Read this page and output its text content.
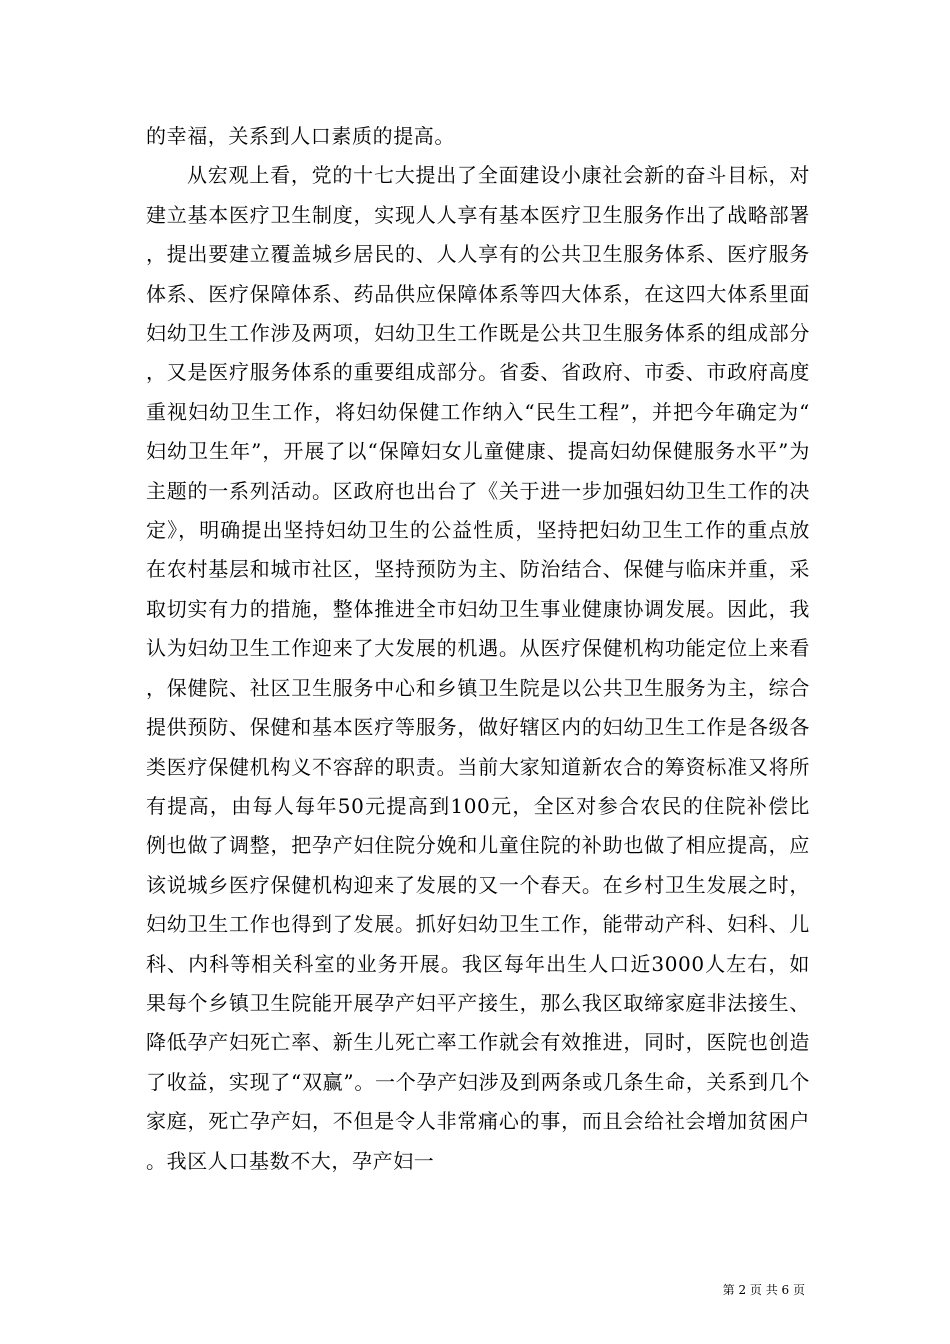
的幸福，关系到人口素质的提高。

从宏观上看，党的十七大提出了全面建设小康社会新的奋斗目标，对建立基本医疗卫生制度，实现人人享有基本医疗卫生服务作出了战略部署，提出要建立覆盖城乡居民的、人人享有的公共卫生服务体系、医疗服务体系、医疗保障体系、药品供应保障体系等四大体系，在这四大体系里面妇幼卫生工作涉及两项，妇幼卫生工作既是公共卫生服务体系的组成部分，又是医疗服务体系的重要组成部分。省委、省政府、市委、市政府高度重视妇幼卫生工作，将妇幼保健工作纳入“民生工程”，并把今年确定为“妇幼卫生年”，开展了以“保障妇女儿童健康、提高妇幼保健服务水平”为主题的一系列活动。区政府也出台了《关于进一步加强妇幼卫生工作的决定》，明确提出坚持妇幼卫生的公益性质，坚持把妇幼卫生工作的重点放在农村基层和城市社区，坚持预防为主、防治结合、保健与临床并重，采取切实有力的措施，整体推进全市妇幼卫生事业健康协调发展。因此，我认为妇幼卫生工作迎来了大发展的机遇。从医疗保健机构功能定位上来看，保健院、社区卫生服务中心和乡镇卫生院是以公共卫生服务为主，综合提供预防、保健和基本医疗等服务，做好辖区内的妇幼卫生工作是各级各类医疗保健机构义不容辞的职责。当前大家知道新农合的筹资标准又将所有提高，由每人每年50元提高到100元，全区对参合农民的住院补偿比例也做了调整，把孕产妇住院分娩和儿童住院的补助也做了相应提高，应该说城乡医疗保健机构迎来了发展的又一个春天。在乡村卫生发展之时，妇幼卫生工作也得到了发展。抓好妇幼卫生工作，能带动产科、妇科、儿科、内科等相关科室的业务开展。我区每年出生人口近3000人左右，如果每个乡镇卫生院能开展孕产妇平产接生，那么我区取缔家庭非法接生、降低孕产妇死亡率、新生儿死亡率工作就会有效推进，同时，医院也创造了收益，实现了“双赢”。一个孕产妇涉及到两条或几条生命，关系到几个家庭，死亡孕产妇，不但是令人非常痛心的事，而且会给社会增加贫困户。我区人口基数不大，孕产妇一

第 2 页 共 6 页
